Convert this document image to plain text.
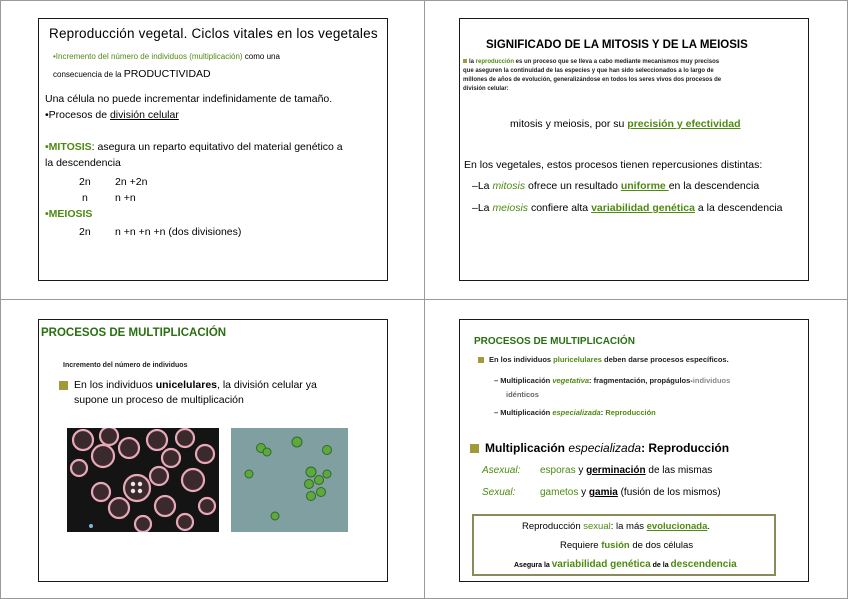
Reproducción vegetal. Ciclos vitales en los vegetales
•Incremento del número de individuos (multiplicación) como una
consecuencia de la PRODUCTIVIDAD
Una célula no puede incrementar indefinidamente de tamaño.
•Procesos de división celular
•MITOSIS: asegura un reparto equitativo del material genético a
la descendencia
2n 2n +2n
n	n +n
•MEIOSIS
2n n +n +n +n (dos divisiones)
SIGNIFICADO DE LA MITOSIS Y DE LA MEIOSIS
la reproducción es un proceso que se lleva a cabo mediante mecanismos muy precisos
que aseguren la continuidad de las especies y que han sido seleccionados a lo largo de
millones de años de evolución, generalizándose en todos los seres vivos dos procesos de
división celular:
mitosis y meiosis, por su precisión y efectividad
En los vegetales, estos procesos tienen repercusiones distintas:
–La mitosis ofrece un resultado uniforme en la descendencia
–La meiosis confiere alta variabilidad genética a la descendencia
PROCESOS DE MULTIPLICACIÓN
Incremento del número de individuos
En los individuos unicelulares, la división celular ya
supone un proceso de multiplicación
PROCESOS DE MULTIPLICACIÓN
En los individuos pluricelulares deben darse procesos específicos.
– Multiplicación vegetativa: fragmentación, propágulos-individuos
idénticos
– Multiplicación especializada: Reproducción
Multiplicación especializada: Reproducción
Asexual: esporas y germinación de las mismas
Sexual: gametos y gamia (fusión de los mismos)
Reproducción sexual: la más evolucionada.
Requiere fusión de dos células
Asegura la variabilidad genética de la descendencia
